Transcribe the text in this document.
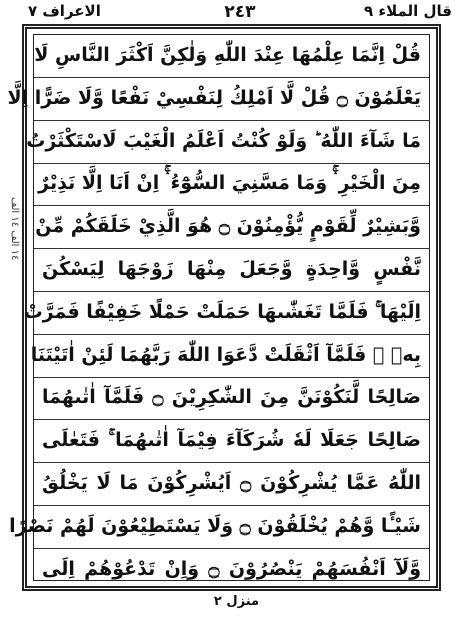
الاعراف ٧	٢٤٣	قال الملاء ٩
١٤ الف ١٤ الف
قُلْ اِنَّمَا عِلْمُهَا عِنْدَ اللّٰهِ وَلٰكِنَّ اَكْثَرَ النَّاسِ لَا
يَعْلَمُوْنَ ۝ قُلْ لَّا اَمْلِكُ لِنَفْسِيْ نَفْعًا وَّلَا ضَرًّا اِلَّا
مَا شَآءَ اللّٰهُ ؕ وَلَوْ كُنْتُ اَعْلَمُ الْغَيْبَ لَاسْتَكْثَرْتُ
مِنَ الْخَيْرِ ۛۚ وَمَا مَسَّنِيَ السُّوْٓءُ ۛۚ اِنْ اَنَا اِلَّا نَذِيْرٌ
وَّبَشِيْرٌ لِّقَوْمٍ يُّؤْمِنُوْنَ ۝ هُوَ الَّذِيْ خَلَقَكُمْ مِّنْ
نَّفْسٍ وَّاحِدَةٍ وَّجَعَلَ مِنْهَا زَوْجَهَا لِيَسْكُنَ
اِلَيْهَا ۚ فَلَمَّا تَغَشّٰىهَا حَمَلَتْ حَمْلًا خَفِيْفًا فَمَرَّتْ
بِهٖ ۚ فَلَمَّآ اَثْقَلَتْ دَّعَوَا اللّٰهَ رَبَّهُمَا لَئِنْ اٰتَيْتَنَا
صَالِحًا لَّنَكُوْنَنَّ مِنَ الشّٰكِرِيْنَ ۝ فَلَمَّآ اٰتٰىهُمَا
صَالِحًا جَعَلَا لَهٗ شُرَكَآءَ فِيْمَآ اٰتٰىهُمَا ۚ فَتَعٰلَى
اللّٰهُ عَمَّا يُشْرِكُوْنَ ۝ اَيُشْرِكُوْنَ مَا لَا يَخْلُقُ
شَيْـًٔا وَّهُمْ يُخْلَقُوْنَ ۝ وَلَا يَسْتَطِيْعُوْنَ لَهُمْ نَصْرًا
وَّلَآ اَنْفُسَهُمْ يَنْصُرُوْنَ ۝ وَاِنْ تَدْعُوْهُمْ اِلَى
منزل ٢
